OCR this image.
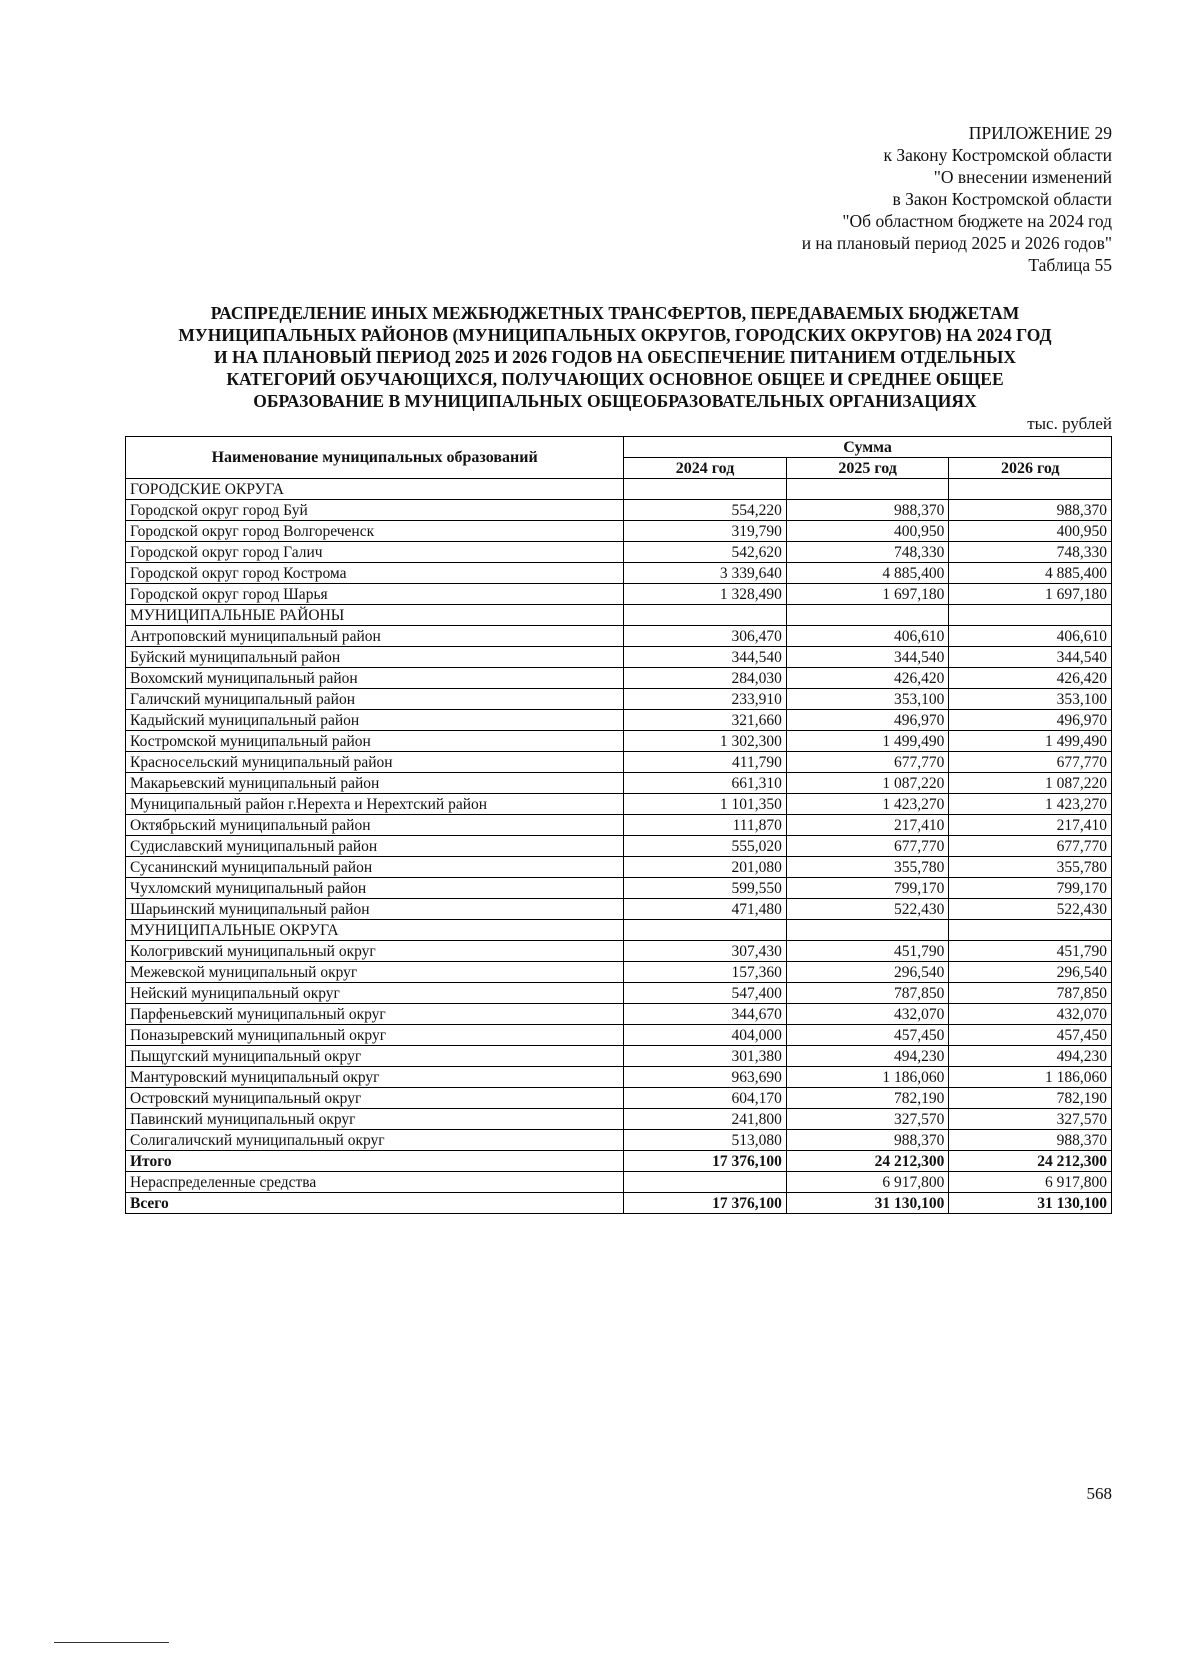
ПРИЛОЖЕНИЕ 29
к Закону Костромской области
"О внесении изменений
в Закон Костромской области
"Об областном бюджете на 2024 год
и на плановый период 2025 и 2026 годов"
Таблица 55
РАСПРЕДЕЛЕНИЕ ИНЫХ МЕЖБЮДЖЕТНЫХ ТРАНСФЕРТОВ, ПЕРЕДАВАЕМЫХ БЮДЖЕТАМ
МУНИЦИПАЛЬНЫХ РАЙОНОВ (МУНИЦИПАЛЬНЫХ ОКРУГОВ, ГОРОДСКИХ ОКРУГОВ) НА 2024 ГОД
И НА ПЛАНОВЫЙ ПЕРИОД 2025 И 2026 ГОДОВ НА ОБЕСПЕЧЕНИЕ ПИТАНИЕМ ОТДЕЛЬНЫХ
КАТЕГОРИЙ ОБУЧАЮЩИХСЯ, ПОЛУЧАЮЩИХ ОСНОВНОЕ ОБЩЕЕ И СРЕДНЕЕ ОБЩЕЕ
ОБРАЗОВАНИЕ В МУНИЦИПАЛЬНЫХ ОБЩЕОБРАЗОВАТЕЛЬНЫХ ОРГАНИЗАЦИЯХ
тыс. рублей
Наименование муниципальных образований	Сумма		
	2024 год	2025 год	2026 год
ГОРОДСКИЕ ОКРУГА			
Городской округ город Буй	554,220	988,370	988,370
Городской округ город Волгореченск	319,790	400,950	400,950
Городской округ город Галич	542,620	748,330	748,330
Городской округ город Кострома	3 339,640	4 885,400	4 885,400
Городской округ город Шарья	1 328,490	1 697,180	1 697,180
МУНИЦИПАЛЬНЫЕ РАЙОНЫ			
Антроповский муниципальный район	306,470	406,610	406,610
Буйский муниципальный район	344,540	344,540	344,540
Вохомский муниципальный район	284,030	426,420	426,420
Галичский муниципальный район	233,910	353,100	353,100
Кадыйский муниципальный район	321,660	496,970	496,970
Костромской муниципальный район	1 302,300	1 499,490	1 499,490
Красносельский муниципальный район	411,790	677,770	677,770
Макарьевский муниципальный район	661,310	1 087,220	1 087,220
Муниципальный район г.Нерехта и Нерехтский район	1 101,350	1 423,270	1 423,270
Октябрьский муниципальный район	111,870	217,410	217,410
Судиславский муниципальный район	555,020	677,770	677,770
Сусанинский муниципальный район	201,080	355,780	355,780
Чухломский муниципальный район	599,550	799,170	799,170
Шарьинский муниципальный район	471,480	522,430	522,430
МУНИЦИПАЛЬНЫЕ ОКРУГА			
Кологривский муниципальный округ	307,430	451,790	451,790
Межевской муниципальный округ	157,360	296,540	296,540
Нейский муниципальный округ	547,400	787,850	787,850
Парфеньевский муниципальный округ	344,670	432,070	432,070
Поназыревский муниципальный округ	404,000	457,450	457,450
Пыщугский муниципальный округ	301,380	494,230	494,230
Мантуровский муниципальный округ	963,690	1 186,060	1 186,060
Островский муниципальный округ	604,170	782,190	782,190
Павинский муниципальный округ	241,800	327,570	327,570
Солигаличский муниципальный округ	513,080	988,370	988,370
Итого	17 376,100	24 212,300	24 212,300
Нераспределенные средства		6 917,800	6 917,800
Всего	17 376,100	31 130,100	31 130,100
568
